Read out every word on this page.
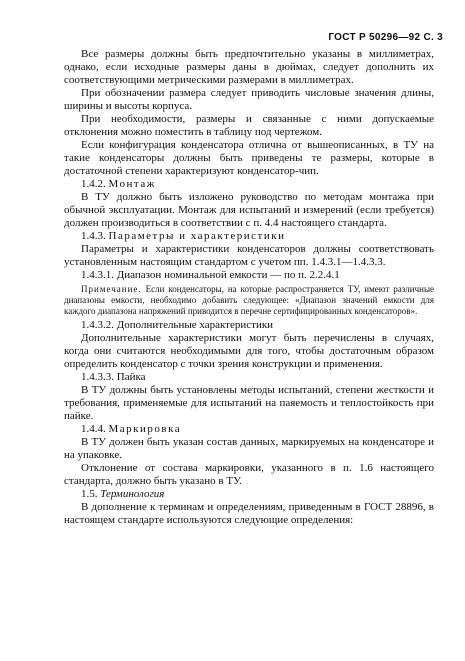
ГОСТ Р 50296—92 С. 3

Все размеры должны быть предпочтительно указаны в миллиметрах, однако, если исходные размеры даны в дюймах, следует дополнить их соответствующими метрическими размерами в миллиметрах.

При обозначении размера следует приводить числовые значения длины, ширины и высоты корпуса.

При необходимости, размеры и связанные с ними допускаемые отклонения можно поместить в таблицу под чертежом.

Если конфигурация конденсатора отлична от вышеописанных, в ТУ на такие конденсаторы должны быть приведены те размеры, которые в достаточной степени характеризуют конденсатор-чип.

1.4.2. Монтаж

В ТУ должно быть изложено руководство по методам монтажа при обычной эксплуатации. Монтаж для испытаний и измерений (если требуется) должен производиться в соответствии с п. 4.4 настоящего стандарта.

1.4.3. Параметры и характеристики

Параметры и характеристики конденсаторов должны соответствовать установленным настоящим стандартом с учетом пп. 1.4.3.1—1.4.3.3.

1.4.3.1. Диапазон номинальной емкости — по п. 2.2.4.1

Примечание. Если конденсаторы, на которые распространяется ТУ, имеют различные диапазоны емкости, необходимо добавить следующее: «Диапазон значений емкости для каждого диапазона напряжений приводится в перечне сертифицированных конденсаторов».

1.4.3.2. Дополнительные характеристики

Дополнительные характеристики могут быть перечислены в случаях, когда они считаются необходимыми для того, чтобы достаточным образом определить конденсатор с точки зрения конструкции и применения.

1.4.3.3. Пайка

В ТУ должны быть установлены методы испытаний, степени жесткости и требования, применяемые для испытаний на паяемость и теплостойкость при пайке.

1.4.4. Маркировка

В ТУ должен быть указан состав данных, маркируемых на конденсаторе и на упаковке.

Отклонение от состава маркировки, указанного в п. 1.6 настоящего стандарта, должно быть указано в ТУ.

1.5. Терминология

В дополнение к терминам и определениям, приведенным в ГОСТ 28896, в настоящем стандарте используются следующие определения:
